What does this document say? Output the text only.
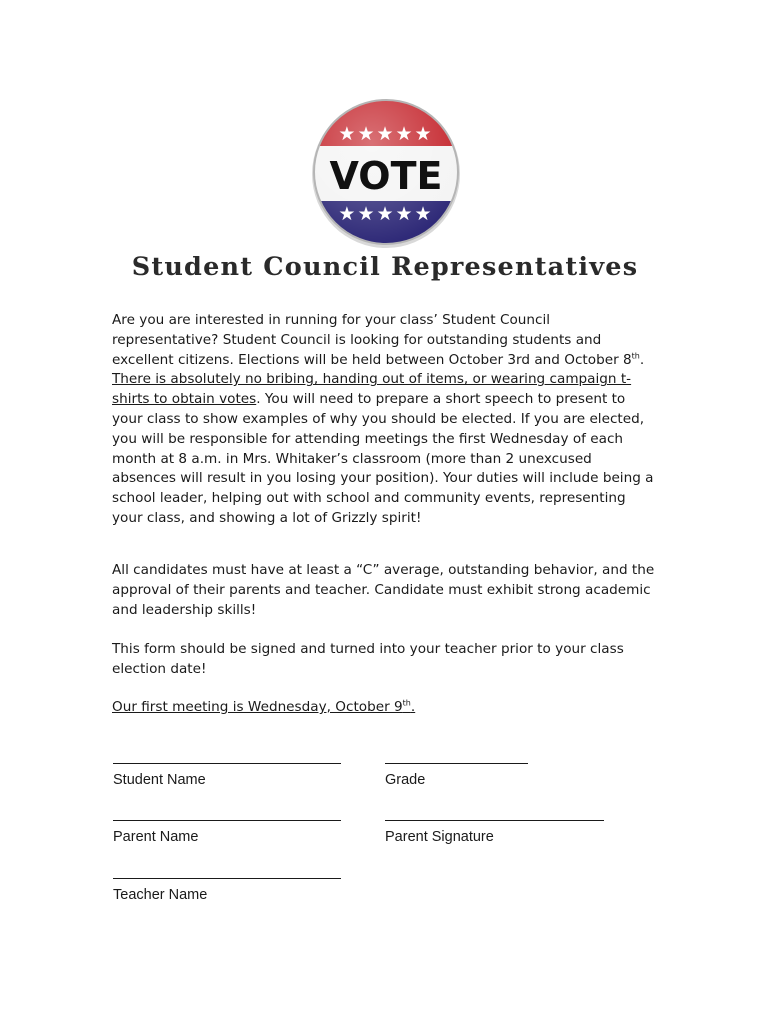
★★★★★
VOTE
★★★★★
Student Council Representatives

Are you are interested in running for your class’ Student Council representative? Student Council is looking for outstanding students and excellent citizens. Elections will be held between October 3rd and October 8th. There is absolutely no bribing, handing out of items, or wearing campaign t-shirts to obtain votes. You will need to prepare a short speech to present to your class to show examples of why you should be elected. If you are elected, you will be responsible for attending meetings the first Wednesday of each month at 8 a.m. in Mrs. Whitaker’s classroom (more than 2 unexcused absences will result in you losing your position). Your duties will include being a school leader, helping out with school and community events, representing your class, and showing a lot of Grizzly spirit!

All candidates must have at least a “C” average, outstanding behavior, and the approval of their parents and teacher. Candidate must exhibit strong academic and leadership skills!

This form should be signed and turned into your teacher prior to your class election date!

Our first meeting is Wednesday, October 9th.

Student Name	Grade
Parent Name	Parent Signature
Teacher Name
